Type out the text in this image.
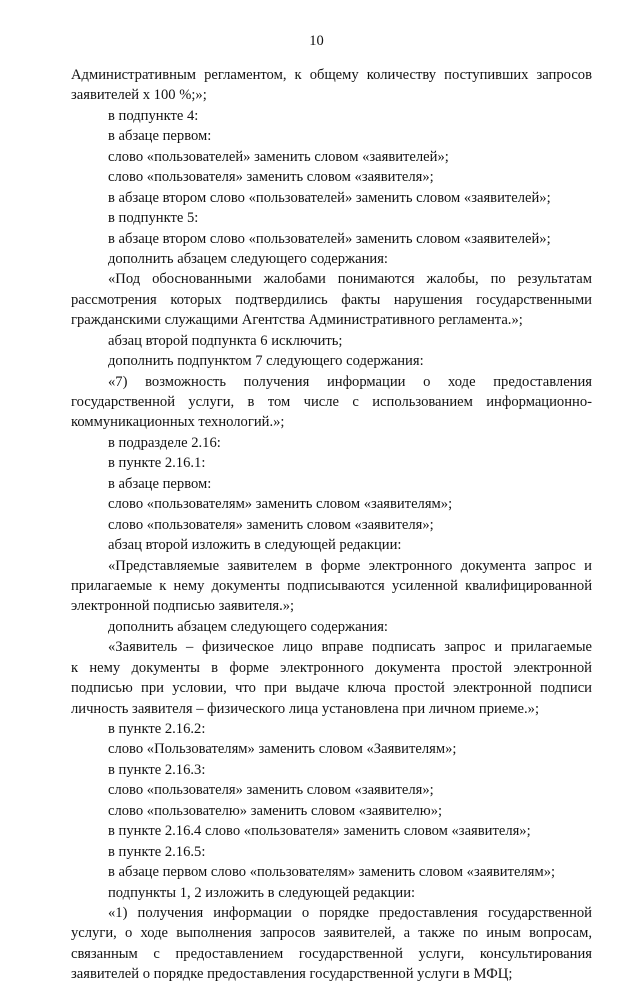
10
Административным регламентом, к общему количеству поступивших запросов
заявителей х 100 %;»;
в подпункте 4:
в абзаце первом:
слово «пользователей» заменить словом «заявителей»;
слово «пользователя» заменить словом «заявителя»;
в абзаце втором слово «пользователей» заменить словом «заявителей»;
в подпункте 5:
в абзаце втором слово «пользователей» заменить словом «заявителей»;
дополнить абзацем следующего содержания:
«Под обоснованными жалобами понимаются жалобы, по результатам
рассмотрения которых подтвердились факты нарушения государственными
гражданскими служащими Агентства Административного регламента.»;
абзац второй подпункта 6 исключить;
дополнить подпунктом 7 следующего содержания:
«7) возможность получения информации о ходе предоставления
государственной услуги, в том числе с использованием информационно-
коммуникационных технологий.»;
в подразделе 2.16:
в пункте 2.16.1:
в абзаце первом:
слово «пользователям» заменить словом «заявителям»;
слово «пользователя» заменить словом «заявителя»;
абзац второй изложить в следующей редакции:
«Представляемые заявителем в форме электронного документа запрос и
прилагаемые к нему документы подписываются усиленной квалифицированной
электронной подписью заявителя.»;
дополнить абзацем следующего содержания:
«Заявитель – физическое лицо вправе подписать запрос и прилагаемые
к нему документы в форме электронного документа простой электронной
подписью при условии, что при выдаче ключа простой электронной подписи
личность заявителя – физического лица установлена при личном приеме.»;
в пункте 2.16.2:
слово «Пользователям» заменить словом «Заявителям»;
в пункте 2.16.3:
слово «пользователя» заменить словом «заявителя»;
слово «пользователю» заменить словом «заявителю»;
в пункте 2.16.4 слово «пользователя» заменить словом «заявителя»;
в пункте 2.16.5:
в абзаце первом слово «пользователям» заменить словом «заявителям»;
подпункты 1, 2 изложить в следующей редакции:
«1) получения информации о порядке предоставления государственной
услуги, о ходе выполнения запросов заявителей, а также по иным вопросам,
связанным с предоставлением государственной услуги, консультирования
заявителей о порядке предоставления государственной услуги в МФЦ;
